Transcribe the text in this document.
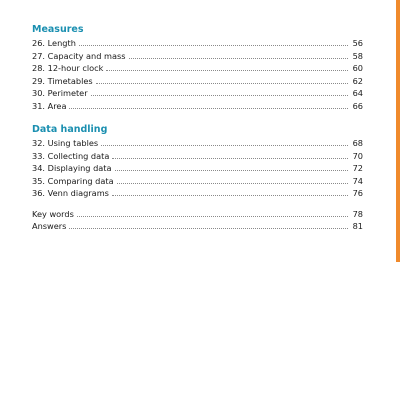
Measures
26. Length	56
27. Capacity and mass	58
28. 12-hour clock	60
29. Timetables	62
30. Perimeter	64
31. Area	66
Data handling
32. Using tables	68
33. Collecting data	70
34. Displaying data	72
35. Comparing data	74
36. Venn diagrams	76
Key words	78
Answers	81
